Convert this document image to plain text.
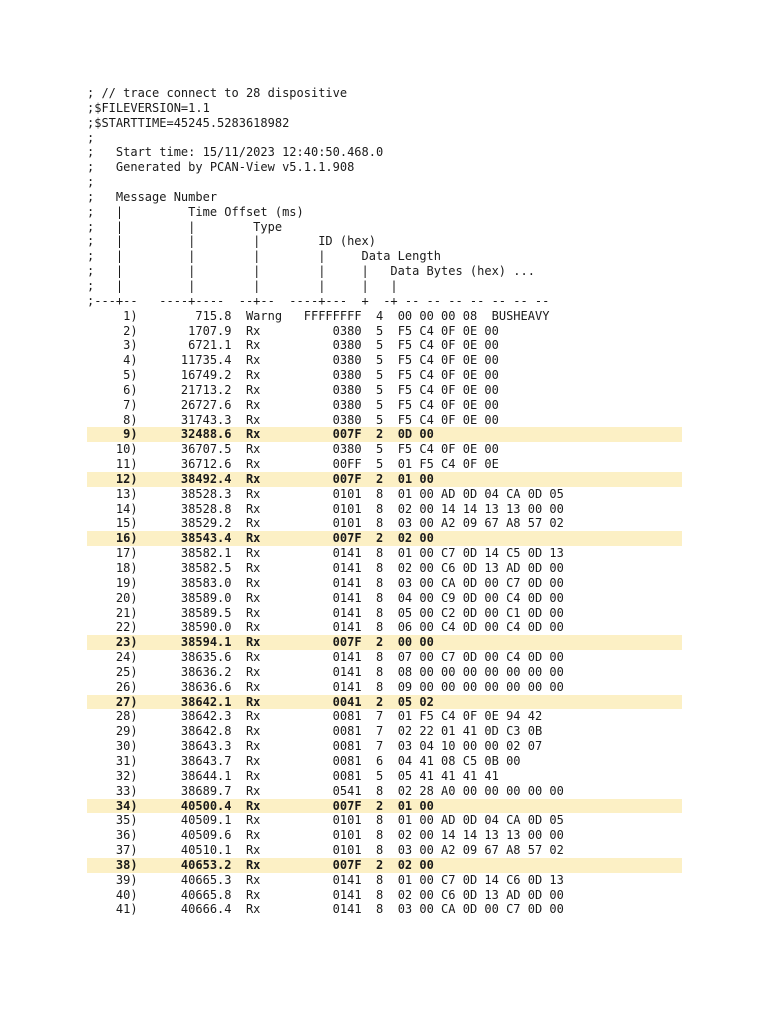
; // trace connect to 28 dispositive
;$FILEVERSION=1.1
;$STARTTIME=45245.5283618982
;
;   Start time: 15/11/2023 12:40:50.468.0
;   Generated by PCAN-View v5.1.1.908
;
;   Message Number
;   |         Time Offset (ms)
;   |         |        Type
;   |         |        |        ID (hex)
;   |         |        |        |     Data Length
;   |         |        |        |     |   Data Bytes (hex) ...
;   |         |        |        |     |   |
;---+--   ----+----  --+--  ----+---  +  -+ -- -- -- -- -- -- --
1)        715.8 Warng   FFFFFFFF 4 00 00 00 08  BUSHEAVY
2)       1707.9 Rx          0380 5 F5 C4 0F 0E 00
3)       6721.1 Rx          0380 5 F5 C4 0F 0E 00
4)      11735.4 Rx          0380 5 F5 C4 0F 0E 00
5)      16749.2 Rx          0380 5 F5 C4 0F 0E 00
6)      21713.2 Rx          0380 5 F5 C4 0F 0E 00
7)      26727.6 Rx          0380 5 F5 C4 0F 0E 00
8)      31743.3 Rx          0380 5 F5 C4 0F 0E 00
9)      32488.6 Rx          007F 2 0D 00
10)      36707.5 Rx          0380 5 F5 C4 0F 0E 00
11)      36712.6 Rx          00FF 5 01 F5 C4 0F 0E
12)      38492.4 Rx          007F 2 01 00
13)      38528.3 Rx          0101 8 01 00 AD 0D 04 CA 0D 05
14)      38528.8 Rx          0101 8 02 00 14 14 13 13 00 00
15)      38529.2 Rx          0101 8 03 00 A2 09 67 A8 57 02
16)      38543.4 Rx          007F 2 02 00
17)      38582.1 Rx          0141 8 01 00 C7 0D 14 C5 0D 13
18)      38582.5 Rx          0141 8 02 00 C6 0D 13 AD 0D 00
19)      38583.0 Rx          0141 8 03 00 CA 0D 00 C7 0D 00
20)      38589.0 Rx          0141 8 04 00 C9 0D 00 C4 0D 00
21)      38589.5 Rx          0141 8 05 00 C2 0D 00 C1 0D 00
22)      38590.0 Rx          0141 8 06 00 C4 0D 00 C4 0D 00
23)      38594.1 Rx          007F 2 00 00
24)      38635.6 Rx          0141 8 07 00 C7 0D 00 C4 0D 00
25)      38636.2 Rx          0141 8 08 00 00 00 00 00 00 00
26)      38636.6 Rx          0141 8 09 00 00 00 00 00 00 00
27)      38642.1 Rx          0041 2 05 02
28)      38642.3 Rx          0081 7 01 F5 C4 0F 0E 94 42
29)      38642.8 Rx          0081 7 02 22 01 41 0D C3 0B
30)      38643.3 Rx          0081 7 03 04 10 00 00 02 07
31)      38643.7 Rx          0081 6 04 41 08 C5 0B 00
32)      38644.1 Rx          0081 5 05 41 41 41 41
33)      38689.7 Rx          0541 8 02 28 A0 00 00 00 00 00
34)      40500.4 Rx          007F 2 01 00
35)      40509.1 Rx          0101 8 01 00 AD 0D 04 CA 0D 05
36)      40509.6 Rx          0101 8 02 00 14 14 13 13 00 00
37)      40510.1 Rx          0101 8 03 00 A2 09 67 A8 57 02
38)      40653.2 Rx          007F 2 02 00
39)      40665.3 Rx          0141 8 01 00 C7 0D 14 C6 0D 13
40)      40665.8 Rx          0141 8 02 00 C6 0D 13 AD 0D 00
41)      40666.4 Rx          0141 8 03 00 CA 0D 00 C7 0D 00
